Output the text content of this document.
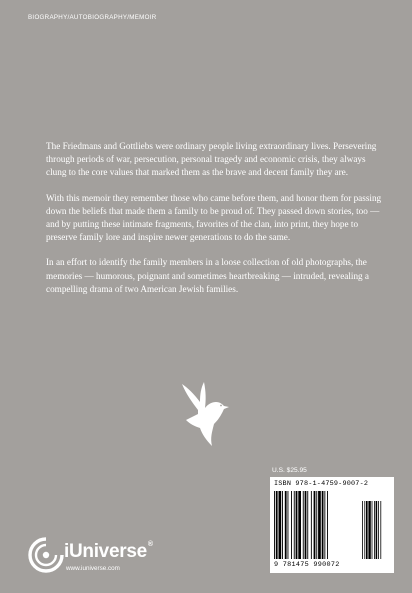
BIOGRAPHY/AUTOBIOGRAPHY/MEMOIR

The Friedmans and Gottliebs were ordinary people living extraordinary lives. Persevering through periods of war, persecution, personal tragedy and economic crisis, they always clung to the core values that marked them as the brave and decent family they are.

With this memoir they remember those who came before them, and honor them for passing down the beliefs that made them a family to be proud of. They passed down stories, too — and by putting these intimate fragments, favorites of the clan, into print, they hope to preserve family lore and inspire newer generations to do the same.

In an effort to identify the family members in a loose collection of old photographs, the memories — humorous, poignant and sometimes heartbreaking — intruded, revealing a compelling drama of two American Jewish families.

U.S. $25.95
ISBN 978-1-4759-9007-2
9 781475 990072
iUniverse®
www.iuniverse.com
